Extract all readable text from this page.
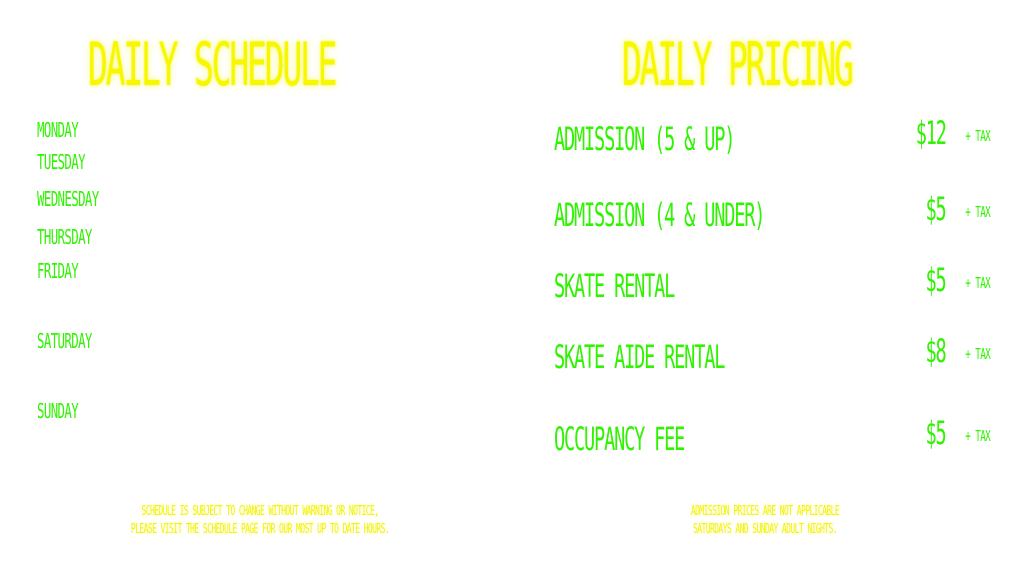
DAILY SCHEDULE
MONDAY
TUESDAY
WEDNESDAY
THURSDAY
FRIDAY
SATURDAY
SUNDAY
SCHEDULE IS SUBJECT TO CHANGE WITHOUT WARNING OR NOTICE,
PLEASE VISIT THE SCHEDULE PAGE FOR OUR MOST UP TO DATE HOURS.
DAILY PRICING
ADMISSION (5 & UP)	$12	+ TAX
ADMISSION (4 & UNDER)	$5	+ TAX
SKATE RENTAL	$5	+ TAX
SKATE AIDE RENTAL	$8	+ TAX
OCCUPANCY FEE	$5	+ TAX
ADMISSION PRICES ARE NOT APPLICABLE
SATURDAYS AND SUNDAY ADULT NIGHTS.
